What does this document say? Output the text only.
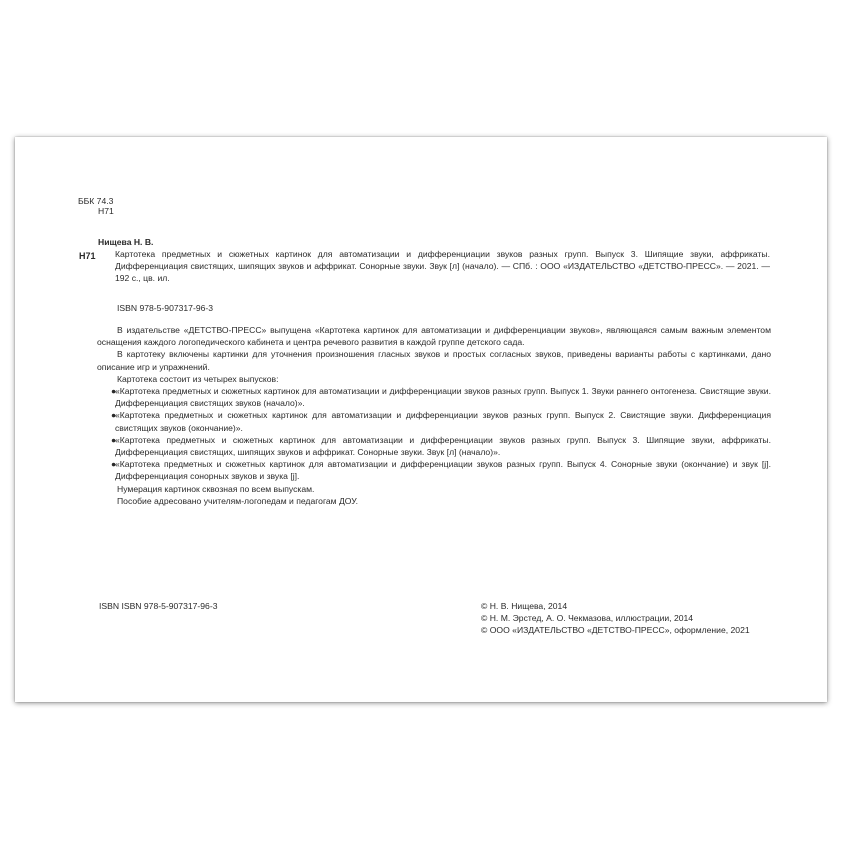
ББК 74.3
Н71
Нищева Н. В.
Н71 Картотека предметных и сюжетных картинок для автоматизации и дифференциации звуков разных групп. Выпуск 3. Шипящие звуки, аффрикаты. Дифференциация свистящих, шипящих звуков и аффрикат. Сонорные звуки. Звук [л] (начало). — СПб. : ООО «ИЗДАТЕЛЬСТВО «ДЕТСТВО-ПРЕСС». — 2021. — 192 с., цв. ил.
ISBN 978-5-907317-96-3

В издательстве «ДЕТСТВО-ПРЕСС» выпущена «Картотека картинок для автоматизации и дифференциации звуков», являющаяся самым важным элементом оснащения каждого логопедического кабинета и центра речевого развития в каждой группе детского сада.

В картотеку включены картинки для уточнения произношения гласных звуков и простых согласных звуков, приведены варианты работы с картинками, дано описание игр и упражнений.

Картотека состоит из четырех выпусков:

●
«Картотека предметных и сюжетных картинок для автоматизации и дифференциации звуков разных групп. Выпуск 1. Звуки раннего онтогенеза. Свистящие звуки. Дифференциация свистящих звуков (начало)».
●
«Картотека предметных и сюжетных картинок для автоматизации и дифференциации звуков разных групп. Выпуск 2. Свистящие звуки. Дифференциация свистящих звуков (окончание)».
●
«Картотека предметных и сюжетных картинок для автоматизации и дифференциации звуков разных групп. Выпуск 3. Шипящие звуки, аффрикаты. Дифференциация свистящих, шипящих звуков и аффрикат. Сонорные звуки. Звук [л] (начало)».
●
«Картотека предметных и сюжетных картинок для автоматизации и дифференциации звуков разных групп. Выпуск 4. Сонорные звуки (окончание) и звук [j]. Дифференциация сонорных звуков и звука [j].

Нумерация картинок сквозная по всем выпускам.

Пособие адресовано учителям-логопедам и педагогам ДОУ.

ISBN ISBN 978-5-907317-96-3	© Н. В. Нищева, 2014
© Н. М. Эрстед, А. О. Чекмазова, иллюстрации, 2014
© ООО «ИЗДАТЕЛЬСТВО «ДЕТСТВО-ПРЕСС», оформление, 2021
